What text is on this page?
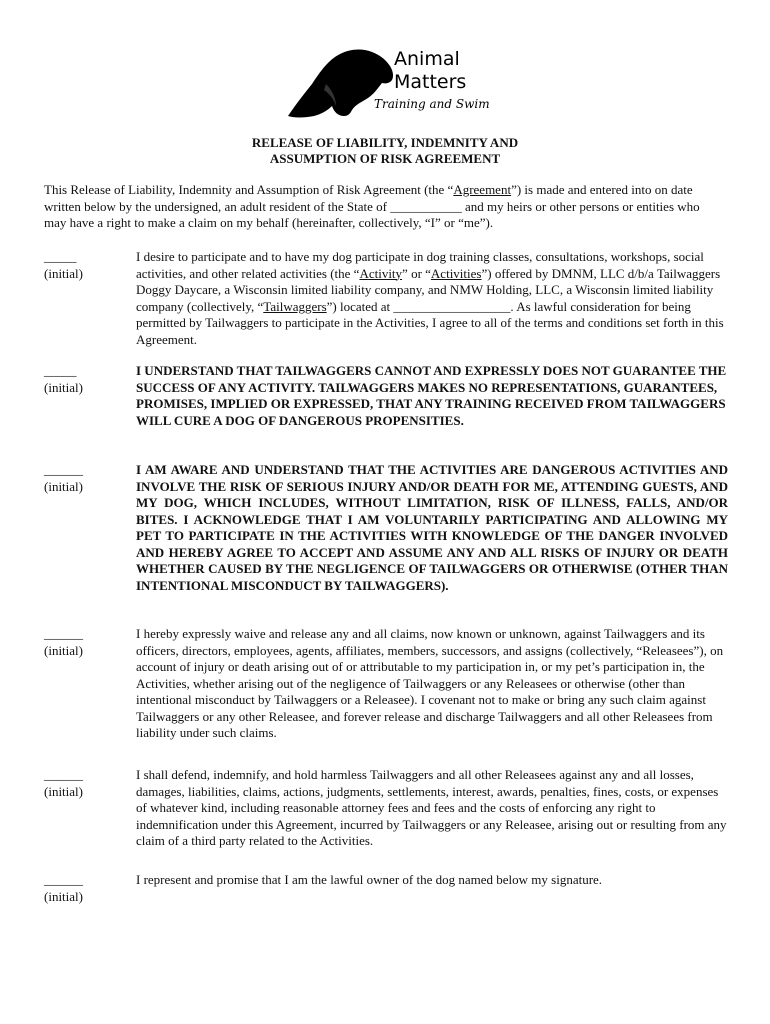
Animal
Matters
Training and Swim
RELEASE OF LIABILITY, INDEMNITY AND
ASSUMPTION OF RISK AGREEMENT
This Release of Liability, Indemnity and Assumption of Risk Agreement (the “Agreement”) is made and entered into on date written below by the undersigned, an adult resident of the State of ___________ and my heirs or other persons or entities who may have a right to make a claim on my behalf (hereinafter, collectively, “I” or “me”).
_____
(initial)
I desire to participate and to have my dog participate in dog training classes, consultations, workshops, social activities, and other related activities (the “Activity” or “Activities”) offered by DMNM, LLC d/b/a Tailwaggers Doggy Daycare, a Wisconsin limited liability company, and NMW Holding, LLC, a Wisconsin limited liability company (collectively, “Tailwaggers”) located at __________________. As lawful consideration for being permitted by Tailwaggers to participate in the Activities, I agree to all of the terms and conditions set forth in this Agreement.
_____
(initial)
I UNDERSTAND THAT TAILWAGGERS CANNOT AND EXPRESSLY DOES NOT GUARANTEE THE SUCCESS OF ANY ACTIVITY. TAILWAGGERS MAKES NO REPRESENTATIONS, GUARANTEES, PROMISES, IMPLIED OR EXPRESSED, THAT ANY TRAINING RECEIVED FROM TAILWAGGERS WILL CURE A DOG OF DANGEROUS PROPENSITIES.
______
(initial)
I AM AWARE AND UNDERSTAND THAT THE ACTIVITIES ARE DANGEROUS ACTIVITIES AND INVOLVE THE RISK OF SERIOUS INJURY AND/OR DEATH FOR ME, ATTENDING GUESTS, AND MY DOG, WHICH INCLUDES, WITHOUT LIMITATION, RISK OF ILLNESS, FALLS, AND/OR BITES. I ACKNOWLEDGE THAT I AM VOLUNTARILY PARTICIPATING AND ALLOWING MY PET TO PARTICIPATE IN THE ACTIVITIES WITH KNOWLEDGE OF THE DANGER INVOLVED AND HEREBY AGREE TO ACCEPT AND ASSUME ANY AND ALL RISKS OF INJURY OR DEATH WHETHER CAUSED BY THE NEGLIGENCE OF TAILWAGGERS OR OTHERWISE (OTHER THAN INTENTIONAL MISCONDUCT BY TAILWAGGERS).
______
(initial)
I hereby expressly waive and release any and all claims, now known or unknown, against Tailwaggers and its officers, directors, employees, agents, affiliates, members, successors, and assigns (collectively, “Releasees”), on account of injury or death arising out of or attributable to my participation in, or my pet’s participation in, the Activities, whether arising out of the negligence of Tailwaggers or any Releasees or otherwise (other than intentional misconduct by Tailwaggers or a Releasee). I covenant not to make or bring any such claim against Tailwaggers or any other Releasee, and forever release and discharge Tailwaggers and all other Releasees from liability under such claims.
______
(initial)
I shall defend, indemnify, and hold harmless Tailwaggers and all other Releasees against any and all losses, damages, liabilities, claims, actions, judgments, settlements, interest, awards, penalties, fines, costs, or expenses of whatever kind, including reasonable attorney fees and fees and the costs of enforcing any right to indemnification under this Agreement, incurred by Tailwaggers or any Releasee, arising out or resulting from any claim of a third party related to the Activities.
______
(initial)
I represent and promise that I am the lawful owner of the dog named below my signature.
